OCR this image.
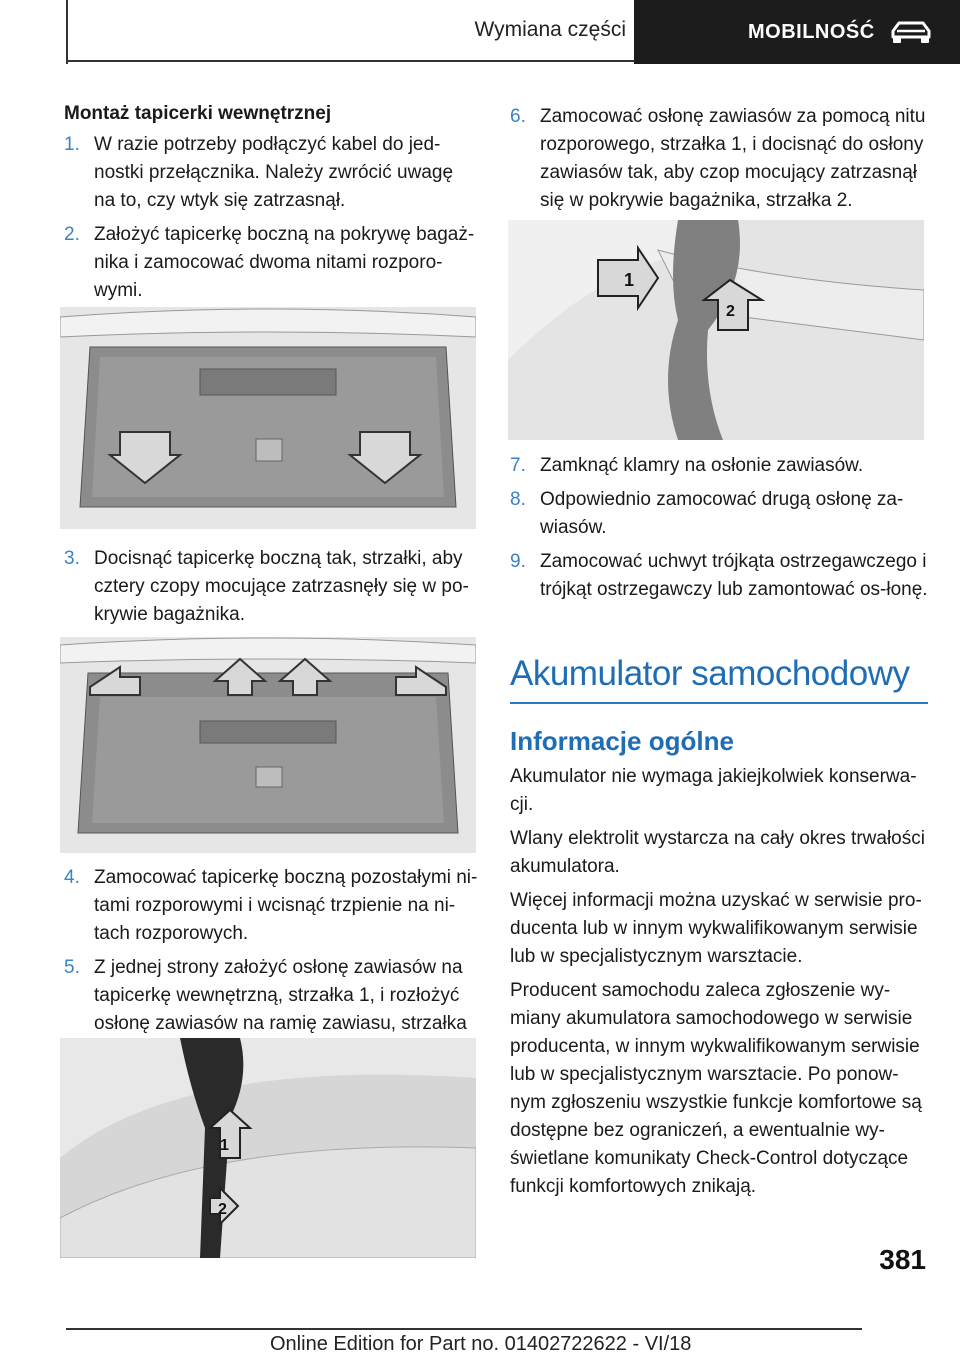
Wymiana części	MOBILNOŚĆ
Montaż tapicerki wewnętrznej
1. W razie potrzeby podłączyć kabel do jed-nostki przełącznika. Należy zwrócić uwagę na to, czy wtyk się zatrzasnął.
2. Założyć tapicerkę boczną na pokrywę bagaż-nika i zamocować dwoma nitami rozporo-wymi.
3. Docisnąć tapicerkę boczną tak, strzałki, aby cztery czopy mocujące zatrzasnęły się w po-krywie bagażnika.
4. Zamocować tapicerkę boczną pozostałymi ni-tami rozporowymi i wcisnąć trzpienie na ni-tach rozporowych.
5. Z jednej strony założyć osłonę zawiasów na tapicerkę wewnętrzną, strzałka 1, i rozłożyć osłonę zawiasów na ramię zawiasu, strzałka
1
2
6. Zamocować osłonę zawiasów za pomocą nitu rozporowego, strzałka 1, i docisnąć do osłony zawiasów tak, aby czop mocujący zatrzasnął się w pokrywie bagażnika, strzałka 2.
1
2
7. Zamknąć klamry na osłonie zawiasów.
8. Odpowiednio zamocować drugą osłonę za-wiasów.
9. Zamocować uchwyt trójkąta ostrzegawczego i trójkąt ostrzegawczy lub zamontować os-łonę.
Akumulator samochodowy
Informacje ogólne

Akumulator nie wymaga jakiejkolwiek konserwa-cji.

Wlany elektrolit wystarcza na cały okres trwałości akumulatora.

Więcej informacji można uzyskać w serwisie pro-ducenta lub w innym wykwalifikowanym serwisie lub w specjalistycznym warsztacie.

Producent samochodu zaleca zgłoszenie wy-miany akumulatora samochodowego w serwisie producenta, w innym wykwalifikowanym serwisie lub w specjalistycznym warsztacie. Po ponow-nym zgłoszeniu wszystkie funkcje komfortowe są dostępne bez ograniczeń, a ewentualnie wy-świetlane komunikaty Check-Control dotyczące funkcji komfortowych znikają.

381
Online Edition for Part no. 01402722622 - VI/18
